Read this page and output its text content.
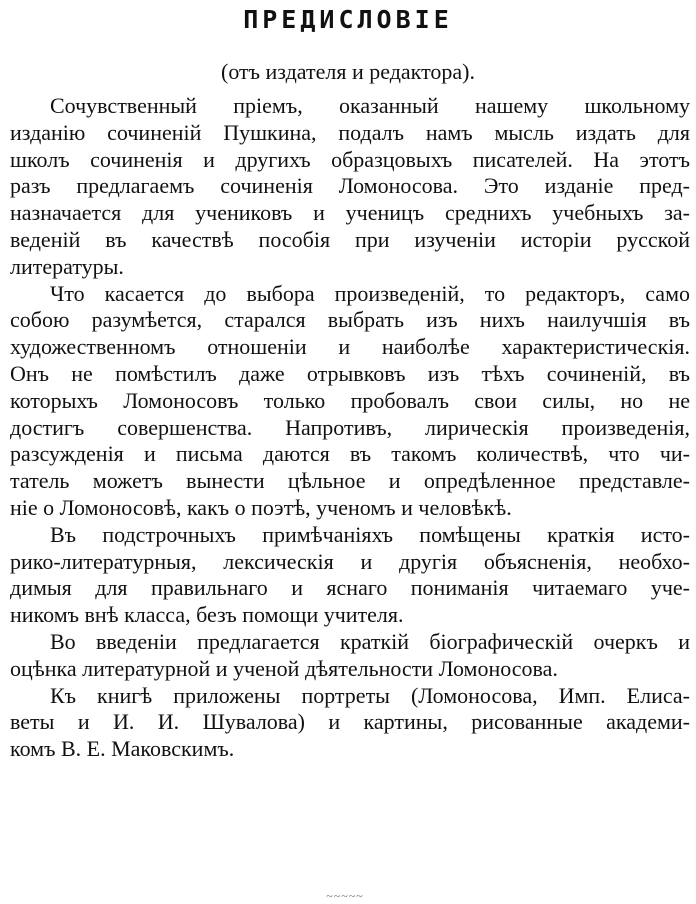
ПРЕДИСЛОВІЕ
(отъ издателя и редактора).
Сочувственный пріемъ, оказанный нашему школьному
изданію сочиненій Пушкина, подалъ намъ мысль издать для
школъ сочиненія и другихъ образцовыхъ писателей. На этотъ
разъ предлагаемъ сочиненія Ломоносова. Это изданіе пред-
назначается для учениковъ и ученицъ среднихъ учебныхъ за-
веденій въ качествѣ пособія при изученіи исторіи русской
литературы.
Что касается до выбора произведеній, то редакторъ, само
собою разумѣется, старался выбрать изъ нихъ наилучшія въ
художественномъ отношеніи и наиболѣе характеристическія.
Онъ не помѣстилъ даже отрывковъ изъ тѣхъ сочиненій, въ
которыхъ Ломоносовъ только пробовалъ свои силы, но не
достигъ совершенства. Напротивъ, лирическія произведенія,
разсужденія и письма даются въ такомъ количествѣ, что чи-
татель можетъ вынести цѣльное и опредѣленное представле-
ніе о Ломоносовѣ, какъ о поэтѣ, ученомъ и человѣкѣ.
Въ подстрочныхъ примѣчаніяхъ помѣщены краткія исто-
рико-литературныя, лексическія и другія объясненія, необхо-
димыя для правильнаго и яснаго пониманія читаемаго уче-
никомъ внѣ класса, безъ помощи учителя.
Во введеніи предлагается краткій біографическій очеркъ и
оцѣнка литературной и ученой дѣятельности Ломоносова.
Къ книгѣ приложены портреты (Ломоносова, Имп. Елиса-
веты и И. И. Шувалова) и картины, рисованные академи-
комъ В. Е. Маковскимъ.
~~~~~
